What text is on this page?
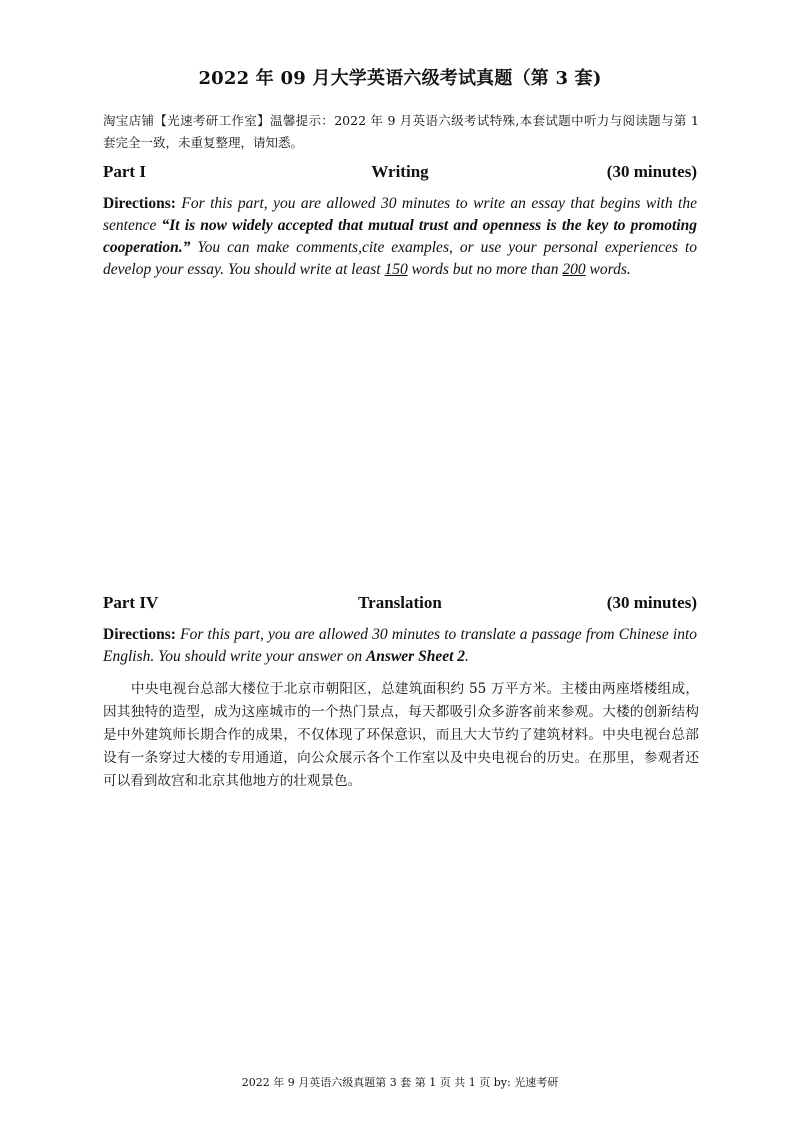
2022 年 09 月大学英语六级考试真题（第 3 套)
淘宝店铺【光速考研工作室】温馨提示：2022 年 9 月英语六级考试特殊,本套试题中听力与阅读题与第 1 套完全一致，未重复整理，请知悉。
Part I	Writing	(30 minutes)
Directions: For this part, you are allowed 30 minutes to write an essay that begins with the sentence “It is now widely accepted that mutual trust and openness is the key to promoting cooperation.” You can make comments,cite examples, or use your personal experiences to develop your essay. You should write at least 150 words but no more than 200 words.
Part IV	Translation	(30 minutes)
Directions: For this part, you are allowed 30 minutes to translate a passage from Chinese into English. You should write your answer on Answer Sheet 2.
中央电视台总部大楼位于北京市朝阳区，总建筑面积约 55 万平方米。主楼由两座塔楼组成，因其独特的造型，成为这座城市的一个热门景点，每天都吸引众多游客前来参观。大楼的创新结构是中外建筑师长期合作的成果，不仅体现了环保意识，而且大大节约了建筑材料。中央电视台总部设有一条穿过大楼的专用通道，向公众展示各个工作室以及中央电视台的历史。在那里，参观者还可以看到故宫和北京其他地方的壮观景色。
2022 年 9 月英语六级真题第 3 套 第 1 页 共 1 页 by: 光速考研
